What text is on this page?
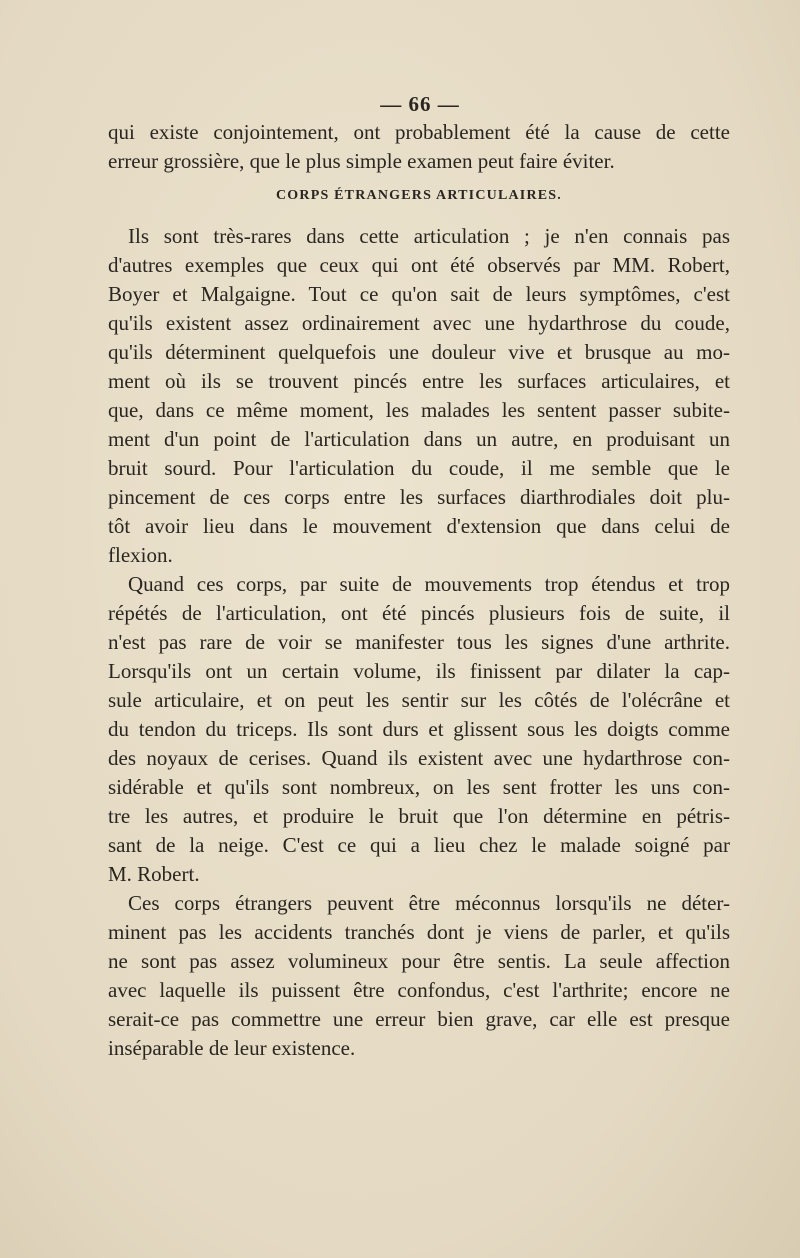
— 66 —
qui existe conjointement, ont probablement été la cause de cette
erreur grossière, que le plus simple examen peut faire éviter.
CORPS ÉTRANGERS ARTICULAIRES.
Ils sont très-rares dans cette articulation ; je n'en connais pas
d'autres exemples que ceux qui ont été observés par MM. Robert,
Boyer et Malgaigne. Tout ce qu'on sait de leurs symptômes, c'est
qu'ils existent assez ordinairement avec une hydarthrose du coude,
qu'ils déterminent quelquefois une douleur vive et brusque au mo-
ment où ils se trouvent pincés entre les surfaces articulaires, et
que, dans ce même moment, les malades les sentent passer subite-
ment d'un point de l'articulation dans un autre, en produisant un
bruit sourd. Pour l'articulation du coude, il me semble que le
pincement de ces corps entre les surfaces diarthrodiales doit plu-
tôt avoir lieu dans le mouvement d'extension que dans celui de
flexion.
Quand ces corps, par suite de mouvements trop étendus et trop
répétés de l'articulation, ont été pincés plusieurs fois de suite, il
n'est pas rare de voir se manifester tous les signes d'une arthrite.
Lorsqu'ils ont un certain volume, ils finissent par dilater la cap-
sule articulaire, et on peut les sentir sur les côtés de l'olécrâne et
du tendon du triceps. Ils sont durs et glissent sous les doigts comme
des noyaux de cerises. Quand ils existent avec une hydarthrose con-
sidérable et qu'ils sont nombreux, on les sent frotter les uns con-
tre les autres, et produire le bruit que l'on détermine en pétris-
sant de la neige. C'est ce qui a lieu chez le malade soigné par
M. Robert.
Ces corps étrangers peuvent être méconnus lorsqu'ils ne déter-
minent pas les accidents tranchés dont je viens de parler, et qu'ils
ne sont pas assez volumineux pour être sentis. La seule affection
avec laquelle ils puissent être confondus, c'est l'arthrite; encore ne
serait-ce pas commettre une erreur bien grave, car elle est presque
inséparable de leur existence.
